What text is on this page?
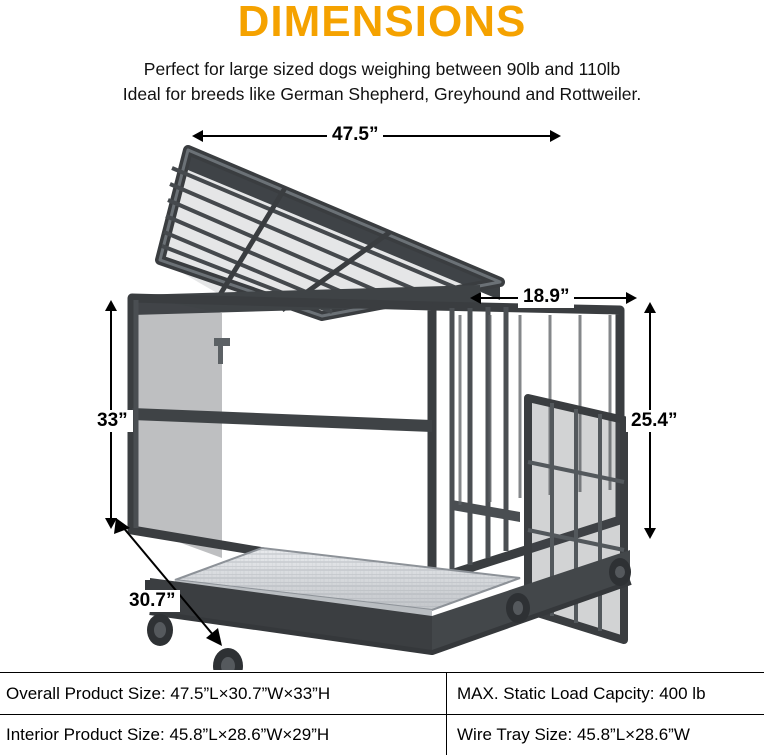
DIMENSIONS
Perfect for large sized dogs weighing between 90lb and 110lb
Ideal for breeds like German Shepherd, Greyhound and Rottweiler.
47.5”
18.9”
33”	25.4”
30.7”
Overall Product Size: 47.5”L×30.7”W×33”H	MAX. Static Load Capcity: 400 lb
Interior Product Size: 45.8”L×28.6”W×29”H	Wire Tray Size: 45.8”L×28.6”W
